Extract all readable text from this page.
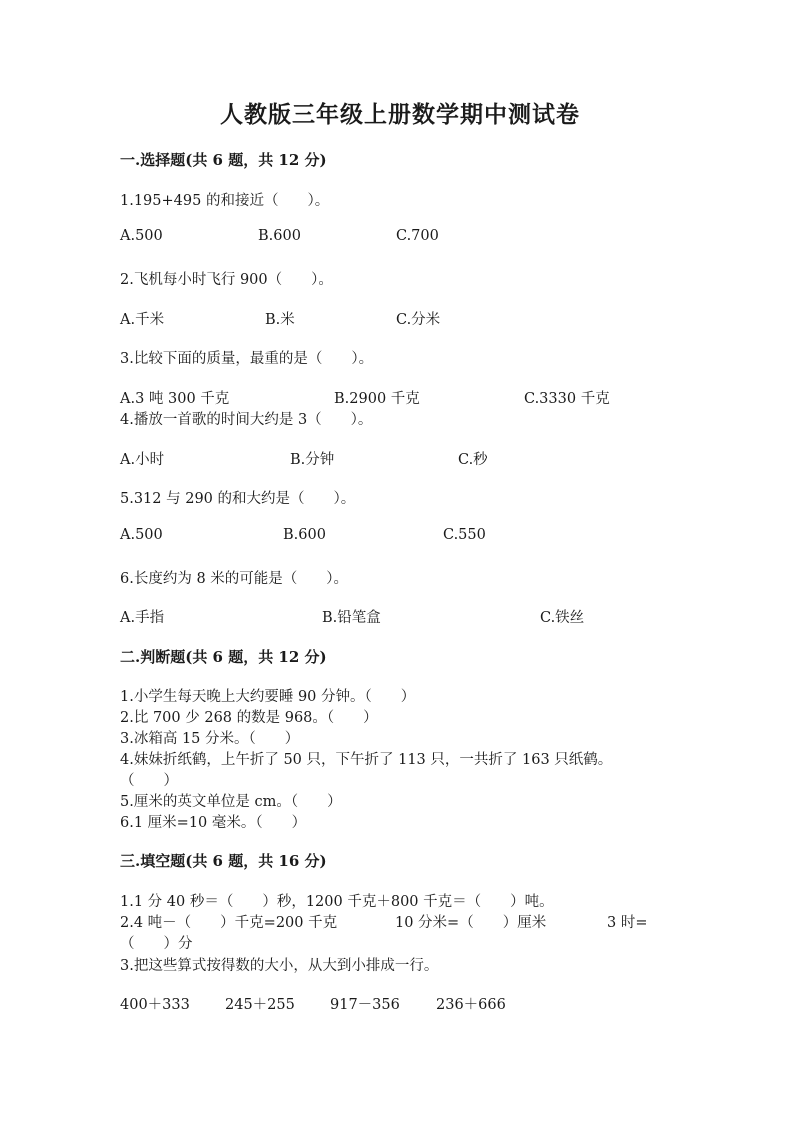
人教版三年级上册数学期中测试卷
一.选择题(共 6 题，共 12 分)
1.195+495 的和接近（　　）。
A.500	B.600	C.700
2.飞机每小时飞行 900（　　）。
A.千米	B.米	C.分米
3.比较下面的质量，最重的是（　　）。
A.3 吨 300 千克	B.2900 千克	C.3330 千克
4.播放一首歌的时间大约是 3（　　）。
A.小时	B.分钟	C.秒
5.312 与 290 的和大约是（　　）。
A.500	B.600	C.550
6.长度约为 8 米的可能是（　　）。
A.手指	B.铅笔盒	C.铁丝
二.判断题(共 6 题，共 12 分)
1.小学生每天晚上大约要睡 90 分钟。（　　）
2.比 700 少 268 的数是 968。（　　）
3.冰箱高 15 分米。（　　）
4.妹妹折纸鹤，上午折了 50 只，下午折了 113 只，一共折了 163 只纸鹤。
（　　）
5.厘米的英文单位是 cm。（　　）
6.1 厘米=10 毫米。（　　）
三.填空题(共 6 题，共 16 分)
1.1 分 40 秒＝（　　）秒，1200 千克＋800 千克＝（　　）吨。
2.4 吨－（　　）千克=200 千克	10 分米=（　　）厘米	3 时=
（　　）分
3.把这些算式按得数的大小，从大到小排成一行。
400＋333 245＋255 917－356 236＋666
